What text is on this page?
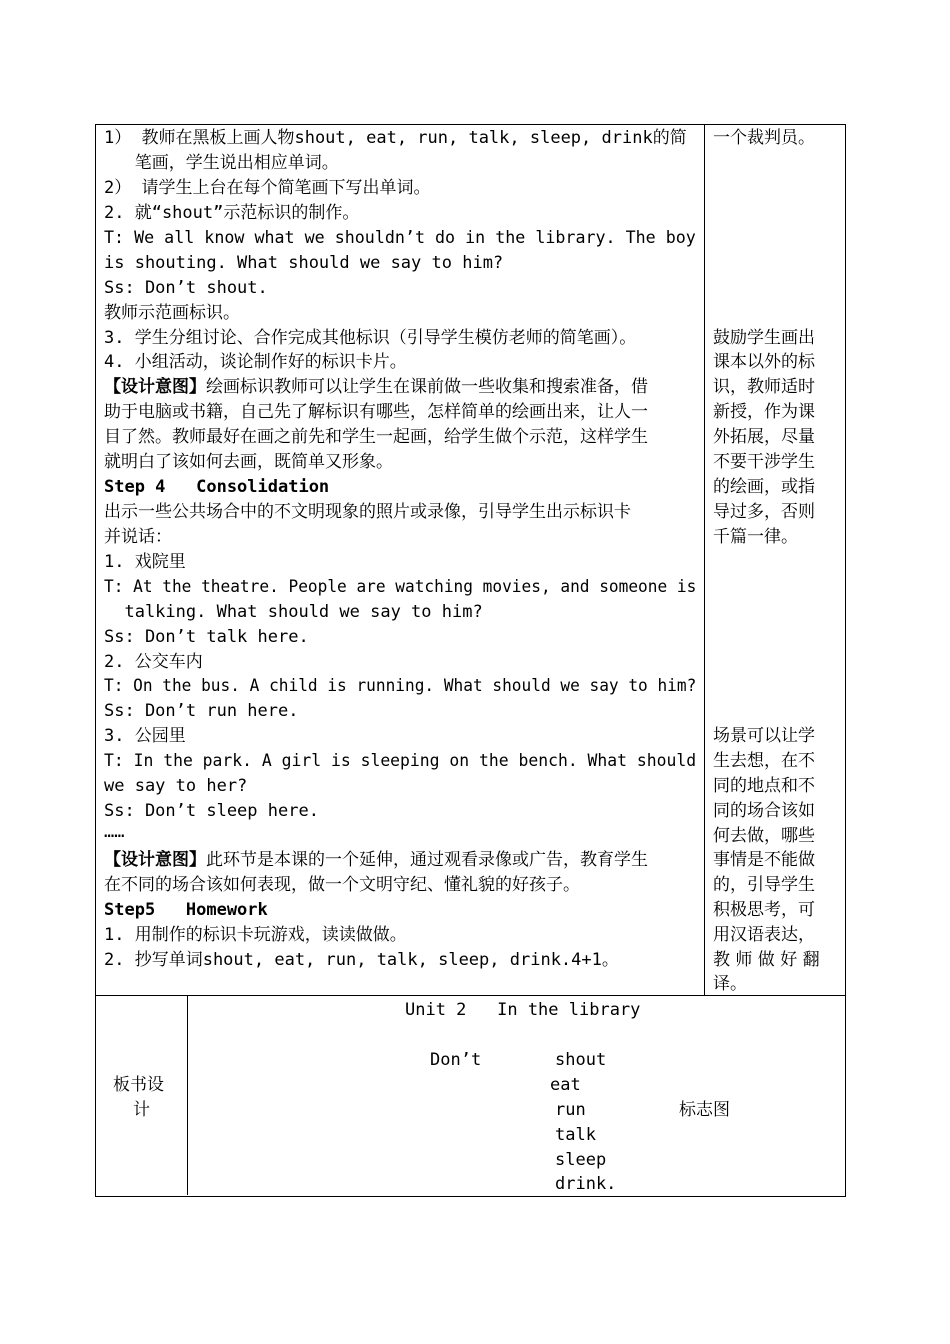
1） 教师在黑板上画人物shout, eat, run, talk, sleep, drink的简
笔画，学生说出相应单词。
2） 请学生上台在每个简笔画下写出单词。
2. 就“shout”示范标识的制作。
T: We all know what we shouldn’t do in the library. The boy
is shouting. What should we say to him?
Ss: Don’t shout.
教师示范画标识。
3. 学生分组讨论、合作完成其他标识（引导学生模仿老师的简笔画）。
4. 小组活动，谈论制作好的标识卡片。
【设计意图】绘画标识教师可以让学生在课前做一些收集和搜索准备，借
助于电脑或书籍，自己先了解标识有哪些，怎样简单的绘画出来，让人一
目了然。教师最好在画之前先和学生一起画，给学生做个示范，这样学生
就明白了该如何去画，既简单又形象。
Step 4   Consolidation
出示一些公共场合中的不文明现象的照片或录像，引导学生出示标识卡
并说话：
1. 戏院里
T: At the theatre. People are watching movies, and someone is
talking. What should we say to him?
Ss: Don’t talk here.
2. 公交车内
T: On the bus. A child is running. What should we say to him?
Ss: Don’t run here.
3. 公园里
T: In the park. A girl is sleeping on the bench. What should
we say to her?
Ss: Don’t sleep here.
……
【设计意图】此环节是本课的一个延伸，通过观看录像或广告，教育学生
在不同的场合该如何表现，做一个文明守纪、懂礼貌的好孩子。
Step5   Homework
1. 用制作的标识卡玩游戏，读读做做。
2. 抄写单词shout, eat, run, talk, sleep, drink.4+1。
一个裁判员。
鼓励学生画出
课本以外的标
识，教师适时
新授，作为课
外拓展，尽量
不要干涉学生
的绘画，或指
导过多，否则
千篇一律。
场景可以让学
生去想，在不
同的地点和不
同的场合该如
何去做，哪些
事情是不能做
的，引导学生
积极思考，可
用汉语表达，
教 师 做 好 翻
译。
板书设
计
Unit 2   In the library
Don’t	shout
eat
run
talk
sleep
drink.
标志图
